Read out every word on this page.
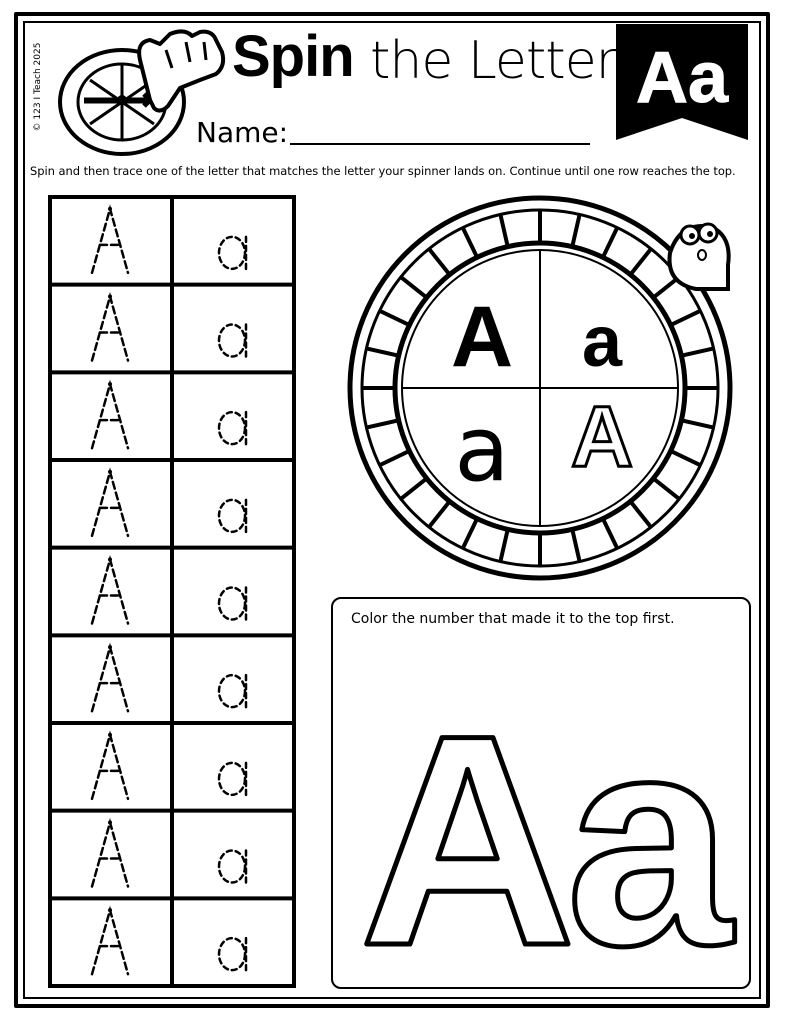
© 123 I Teach 2025	Spin the Letter Aa
Name:
Spin and then trace one of the letter that matches the letter your spinner lands on. Continue until one row reaches the top.
A a
a A
Color the number that made it to the top first.
Aa
